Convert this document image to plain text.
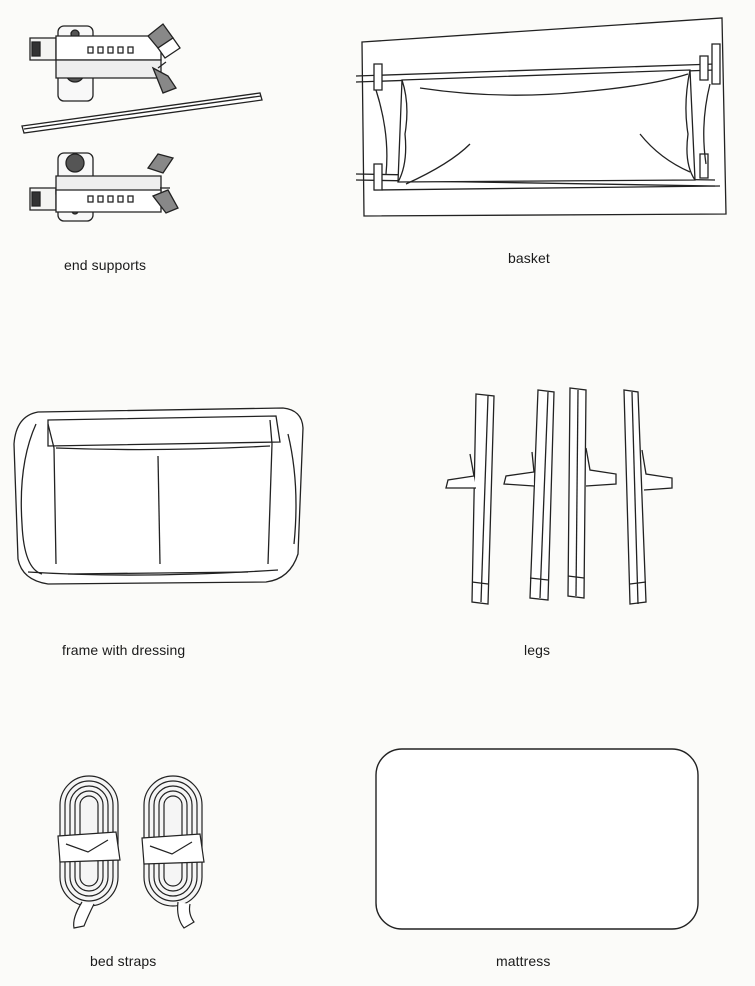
end supports	basket
frame with dressing	legs
bed straps	mattress
